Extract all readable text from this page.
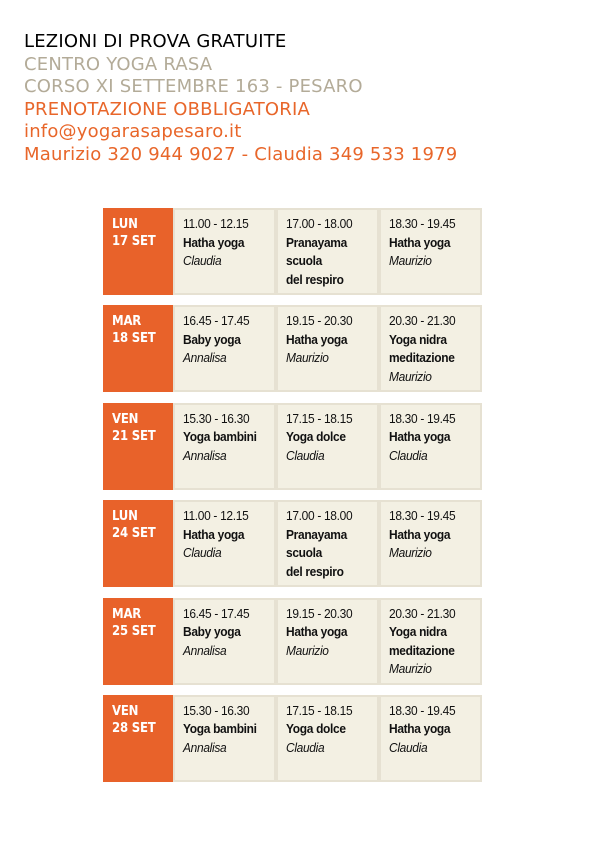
LEZIONI DI PROVA GRATUITE
CENTRO YOGA RASA
CORSO XI SETTEMBRE 163 - PESARO
PRENOTAZIONE OBBLIGATORIA
info@yogarasapesaro.it
Maurizio 320 944 9027 - Claudia 349 533 1979
LUN
17 SET
11.00 - 12.15
Hatha yoga
Claudia
17.00 - 18.00
Pranayama
scuola
del respiro
18.30 - 19.45
Hatha yoga
Maurizio
MAR
18 SET
16.45 - 17.45
Baby yoga
Annalisa
19.15 - 20.30
Hatha yoga
Maurizio
20.30 - 21.30
Yoga nidra
meditazione
Maurizio
VEN
21 SET
15.30 - 16.30
Yoga bambini
Annalisa
17.15 - 18.15
Yoga dolce
Claudia
18.30 - 19.45
Hatha yoga
Claudia
LUN
24 SET
11.00 - 12.15
Hatha yoga
Claudia
17.00 - 18.00
Pranayama
scuola
del respiro
18.30 - 19.45
Hatha yoga
Maurizio
MAR
25 SET
16.45 - 17.45
Baby yoga
Annalisa
19.15 - 20.30
Hatha yoga
Maurizio
20.30 - 21.30
Yoga nidra
meditazione
Maurizio
VEN
28 SET
15.30 - 16.30
Yoga bambini
Annalisa
17.15 - 18.15
Yoga dolce
Claudia
18.30 - 19.45
Hatha yoga
Claudia
